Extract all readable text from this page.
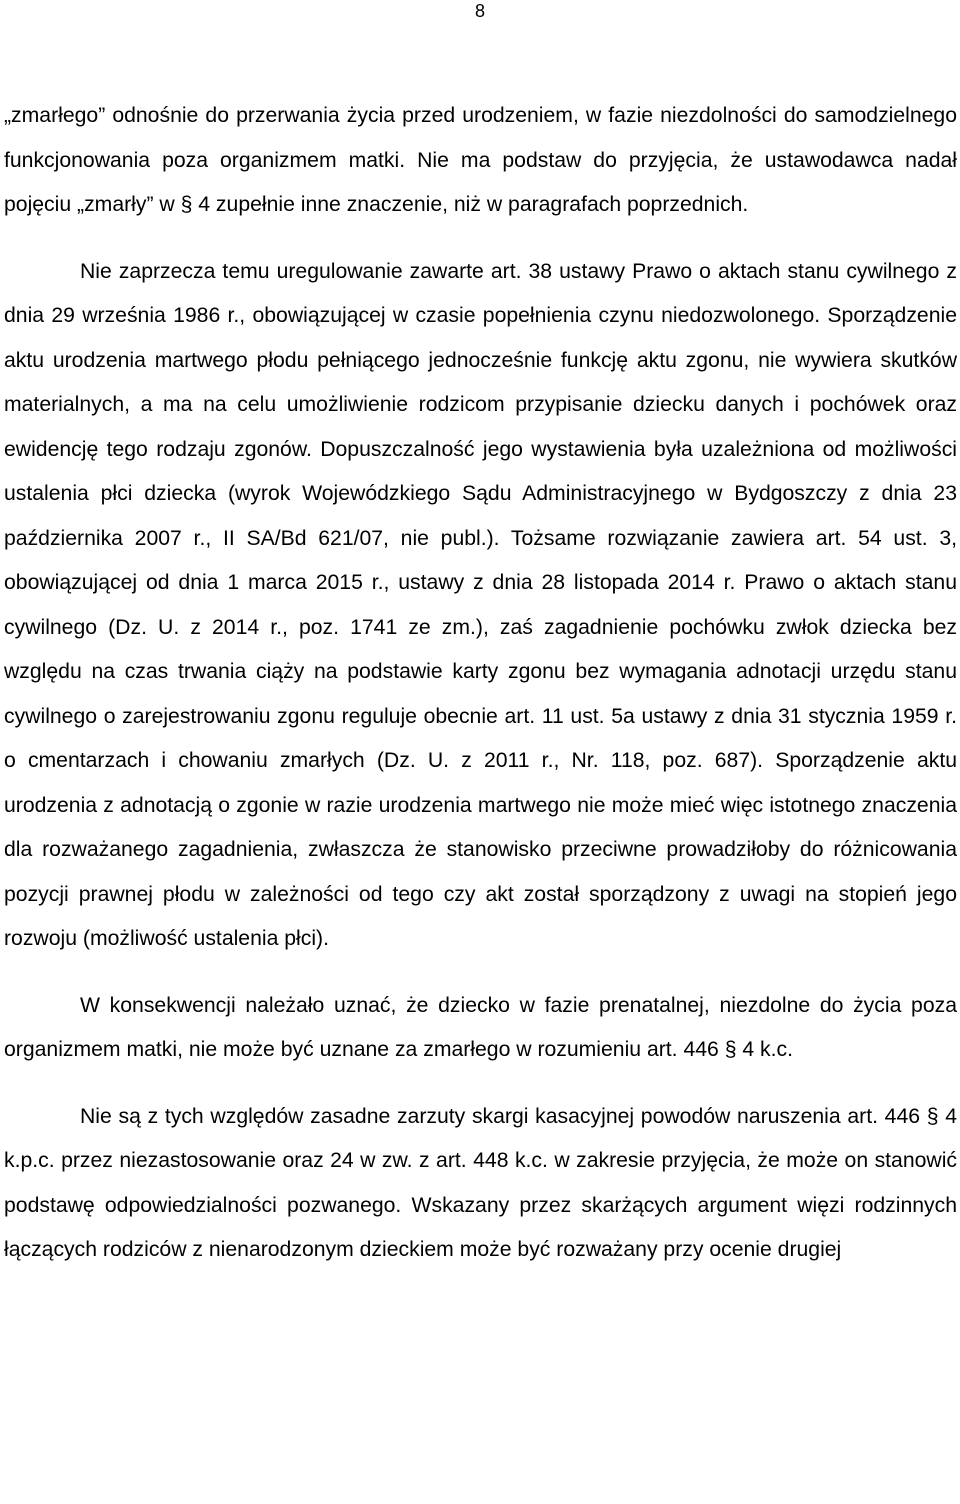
8

„zmarłego” odnośnie do przerwania życia przed urodzeniem, w fazie niezdolności do samodzielnego funkcjonowania poza organizmem matki. Nie ma podstaw do przyjęcia, że ustawodawca nadał pojęciu „zmarły” w § 4 zupełnie inne znaczenie, niż w paragrafach poprzednich.

Nie zaprzecza temu uregulowanie zawarte art. 38 ustawy Prawo o aktach stanu cywilnego z dnia 29 września 1986 r., obowiązującej w czasie popełnienia czynu niedozwolonego. Sporządzenie aktu urodzenia martwego płodu pełniącego jednocześnie funkcję aktu zgonu, nie wywiera skutków materialnych, a ma na celu umożliwienie rodzicom przypisanie dziecku danych i pochówek oraz ewidencję tego rodzaju zgonów. Dopuszczalność jego wystawienia była uzależniona od możliwości ustalenia płci dziecka (wyrok Wojewódzkiego Sądu Administracyjnego w Bydgoszczy z dnia 23 października 2007 r., II SA/Bd 621/07, nie publ.). Tożsame rozwiązanie zawiera art. 54 ust. 3, obowiązującej od dnia 1 marca 2015 r., ustawy z dnia 28 listopada 2014 r. Prawo o aktach stanu cywilnego (Dz. U. z 2014 r., poz. 1741 ze zm.), zaś zagadnienie pochówku zwłok dziecka bez względu na czas trwania ciąży na podstawie karty zgonu bez wymagania adnotacji urzędu stanu cywilnego o zarejestrowaniu zgonu reguluje obecnie art. 11 ust. 5a ustawy z dnia 31 stycznia 1959 r. o cmentarzach i chowaniu zmarłych (Dz. U. z 2011 r., Nr. 118, poz. 687). Sporządzenie aktu urodzenia z adnotacją o zgonie w razie urodzenia martwego nie może mieć więc istotnego znaczenia dla rozważanego zagadnienia, zwłaszcza że stanowisko przeciwne prowadziłoby do różnicowania pozycji prawnej płodu w zależności od tego czy akt został sporządzony z uwagi na stopień jego rozwoju (możliwość ustalenia płci).

W konsekwencji należało uznać, że dziecko w fazie prenatalnej, niezdolne do życia poza organizmem matki, nie może być uznane za zmarłego w rozumieniu art. 446 § 4 k.c.

Nie są z tych względów zasadne zarzuty skargi kasacyjnej powodów naruszenia art. 446 § 4 k.p.c. przez niezastosowanie oraz 24 w zw. z art. 448 k.c. w zakresie przyjęcia, że może on stanowić podstawę odpowiedzialności pozwanego. Wskazany przez skarżących argument więzi rodzinnych łączących rodziców z nienarodzonym dzieckiem może być rozważany przy ocenie drugiej
